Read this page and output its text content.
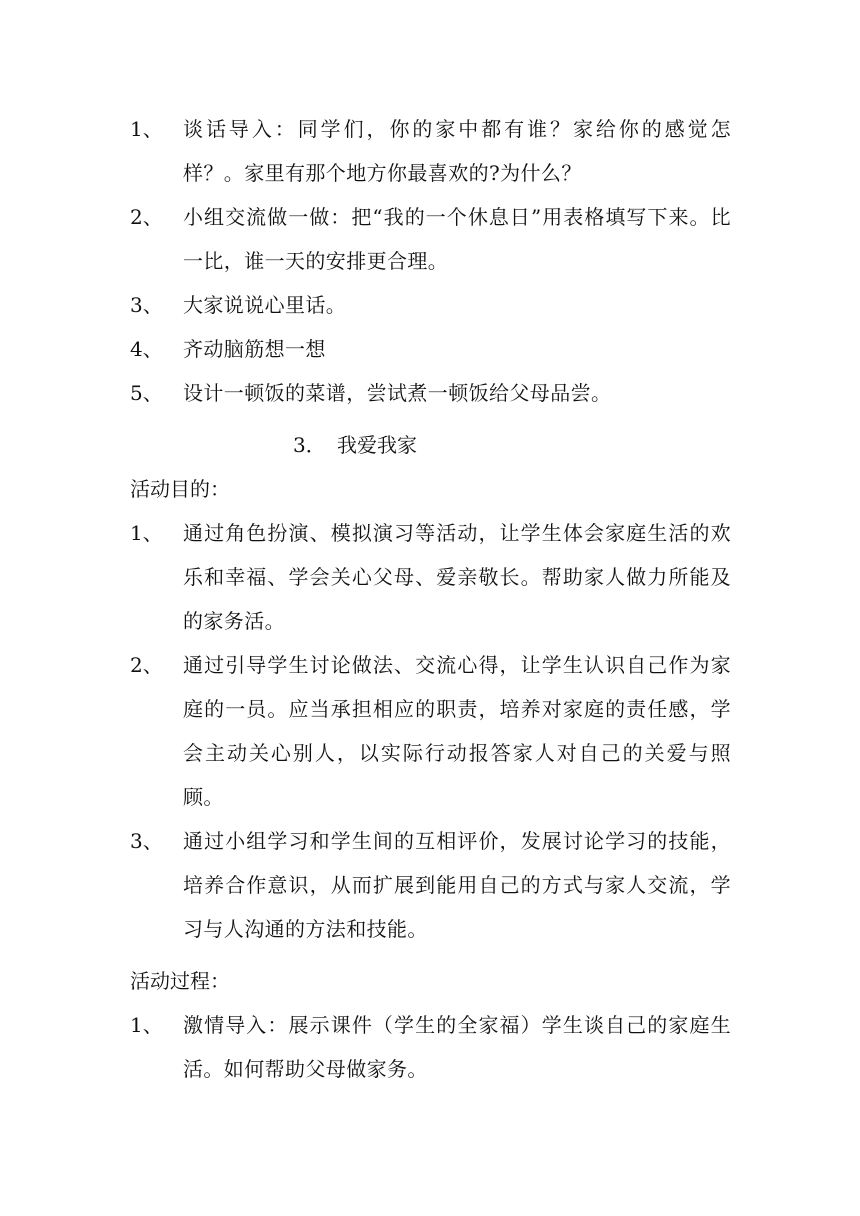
1、 谈话导入：同学们，你的家中都有谁？家给你的感觉怎样？。家里有那个地方你最喜欢的?为什么？
2、 小组交流做一做：把“我的一个休息日”用表格填写下来。比一比，谁一天的安排更合理。
3、 大家说说心里话。
4、 齐动脑筋想一想
5、 设计一顿饭的菜谱，尝试煮一顿饭给父母品尝。
3． 我爱我家
活动目的：
1、 通过角色扮演、模拟演习等活动，让学生体会家庭生活的欢乐和幸福、学会关心父母、爱亲敬长。帮助家人做力所能及的家务活。
2、 通过引导学生讨论做法、交流心得，让学生认识自己作为家庭的一员。应当承担相应的职责，培养对家庭的责任感，学会主动关心别人，以实际行动报答家人对自己的关爱与照顾。
3、 通过小组学习和学生间的互相评价，发展讨论学习的技能，培养合作意识，从而扩展到能用自己的方式与家人交流，学习与人沟通的方法和技能。
活动过程：
1、 激情导入：展示课件（学生的全家福）学生谈自己的家庭生活。如何帮助父母做家务。
